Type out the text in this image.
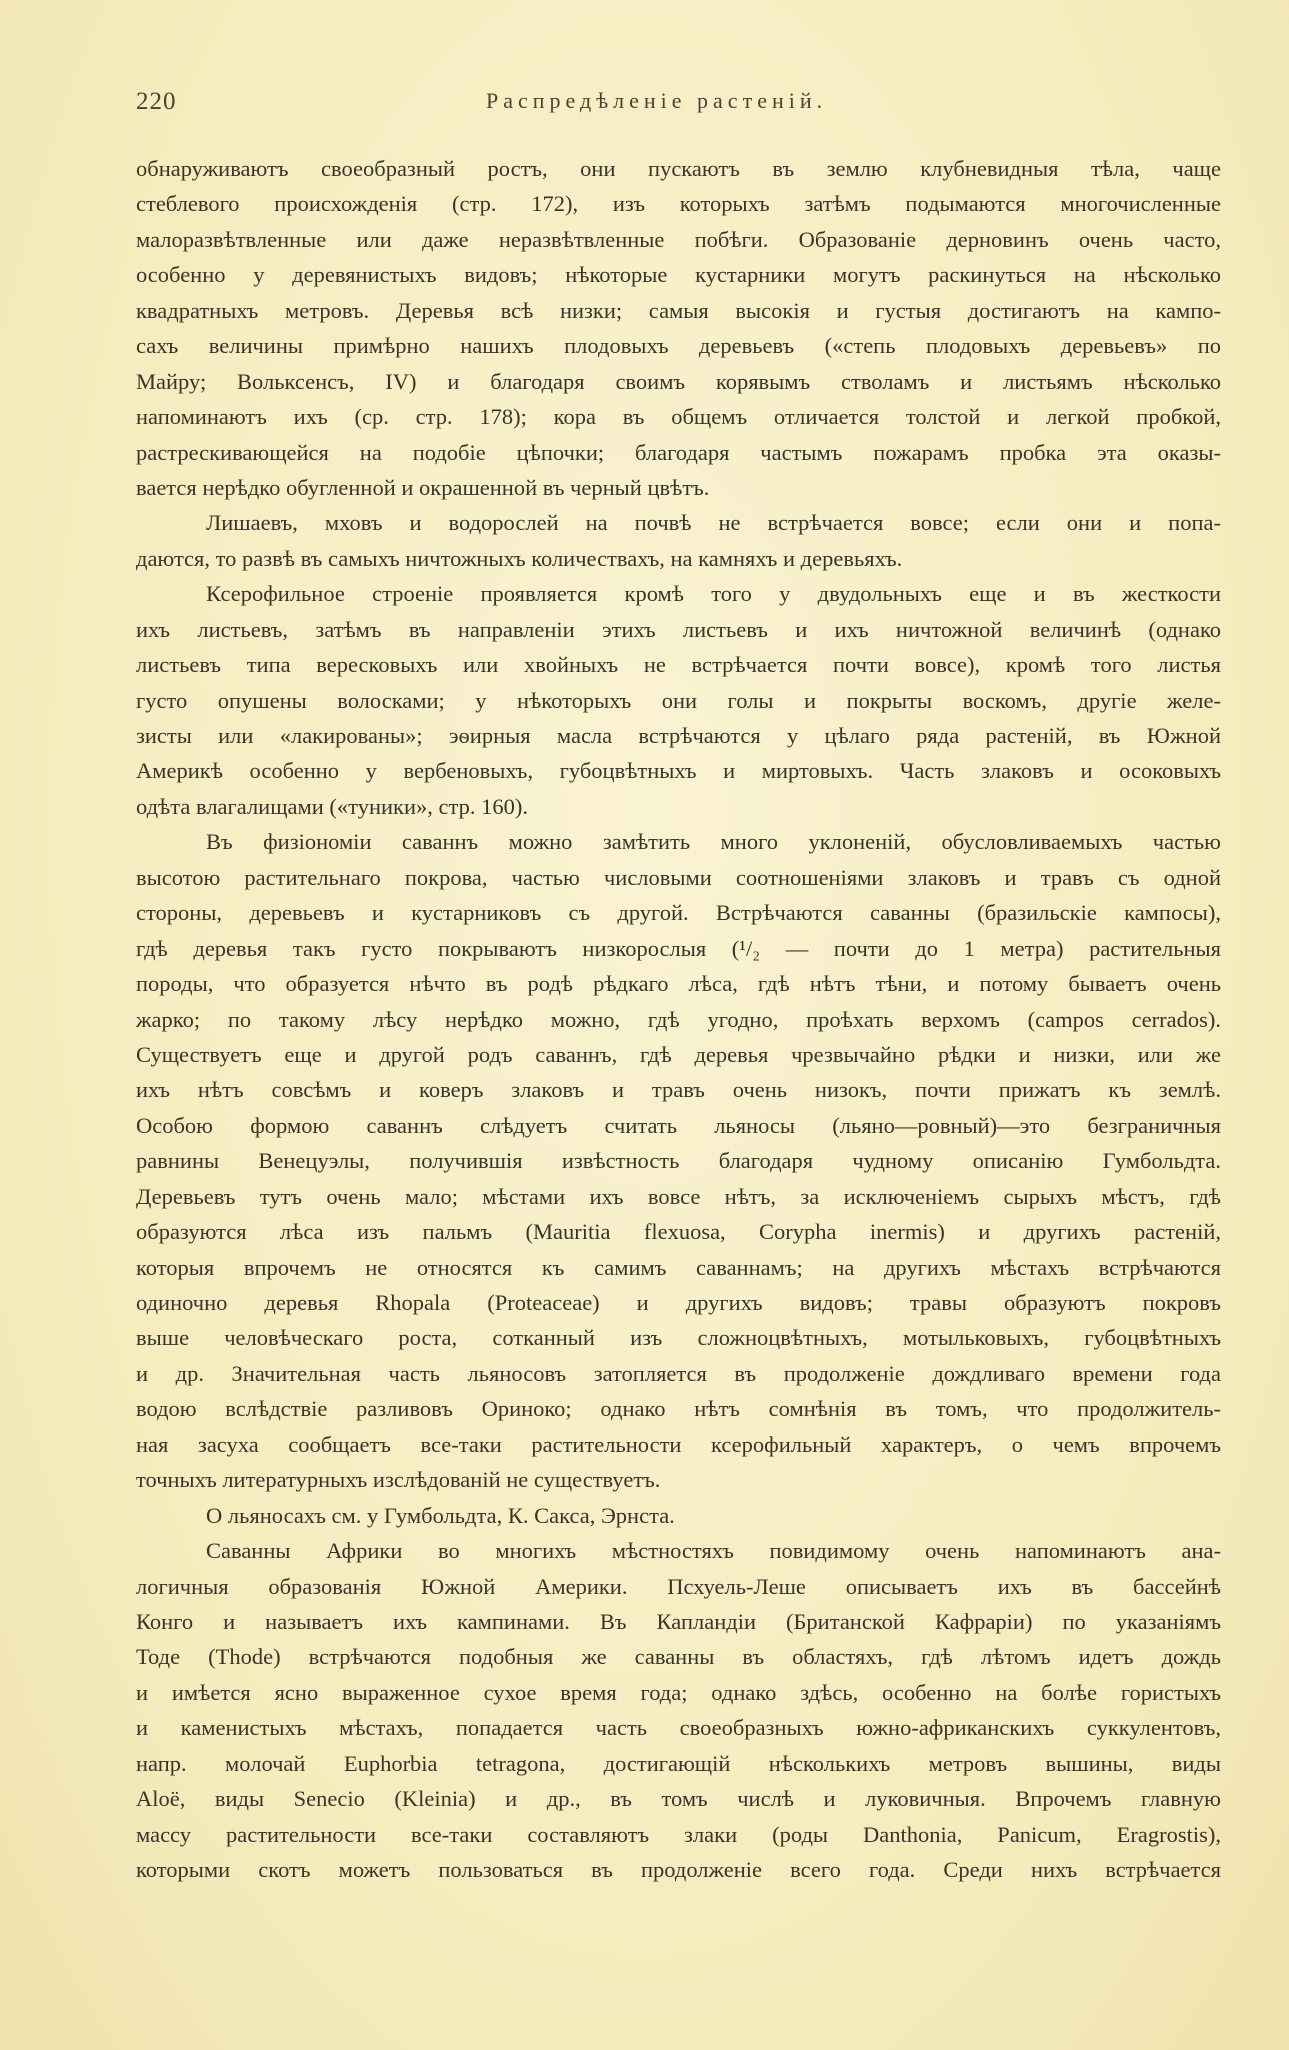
220	Распредѣленіе растеній.
обнаруживаютъ своеобразный ростъ, они пускаютъ въ землю клубневидныя тѣла, чаще
стеблевого происхожденія (стр. 172), изъ которыхъ затѣмъ подымаются многочисленные
малоразвѣтвленные или даже неразвѣтвленные побѣги. Образованіе дерновинъ очень часто,
особенно у деревянистыхъ видовъ; нѣкоторые кустарники могутъ раскинуться на нѣсколько
квадратныхъ метровъ. Деревья всѣ низки; самыя высокія и густыя достигаютъ на кампо-
сахъ величины примѣрно нашихъ плодовыхъ деревьевъ («степь плодовыхъ деревьевъ» по
Майру; Вольксенсъ, IV) и благодаря своимъ корявымъ стволамъ и листьямъ нѣсколько
напоминаютъ ихъ (ср. стр. 178); кора въ общемъ отличается толстой и легкой пробкой,
растрескивающейся на подобіе цѣпочки; благодаря частымъ пожарамъ пробка эта оказы-
вается нерѣдко обугленной и окрашенной въ черный цвѣтъ.
Лишаевъ, мховъ и водорослей на почвѣ не встрѣчается вовсе; если они и попа-
даются, то развѣ въ самыхъ ничтожныхъ количествахъ, на камняхъ и деревьяхъ.
Ксерофильное строеніе проявляется кромѣ того у двудольныхъ еще и въ жесткости
ихъ листьевъ, затѣмъ въ направленіи этихъ листьевъ и ихъ ничтожной величинѣ (однако
листьевъ типа вересковыхъ или хвойныхъ не встрѣчается почти вовсе), кромѣ того листья
густо опушены волосками; у нѣкоторыхъ они голы и покрыты воскомъ, другіе желе-
зисты или «лакированы»; эѳирныя масла встрѣчаются у цѣлаго ряда растеній, въ Южной
Америкѣ особенно у вербеновыхъ, губоцвѣтныхъ и миртовыхъ. Часть злаковъ и осоковыхъ
одѣта влагалищами («туники», стр. 160).
Въ физіономіи саваннъ можно замѣтить много уклоненій, обусловливаемыхъ частью
высотою растительнаго покрова, частью числовыми соотношеніями злаковъ и травъ съ одной
стороны, деревьевъ и кустарниковъ съ другой. Встрѣчаются саванны (бразильскіе кампосы),
гдѣ деревья такъ густо покрываютъ низкорослыя (¹/₂ — почти до 1 метра) растительныя
породы, что образуется нѣчто въ родѣ рѣдкаго лѣса, гдѣ нѣтъ тѣни, и потому бываетъ очень
жарко; по такому лѣсу нерѣдко можно, гдѣ угодно, проѣхать верхомъ (campos cerrados).
Существуетъ еще и другой родъ саваннъ, гдѣ деревья чрезвычайно рѣдки и низки, или же
ихъ нѣтъ совсѣмъ и коверъ злаковъ и травъ очень низокъ, почти прижатъ къ землѣ.
Особою формою саваннъ слѣдуетъ считать льяносы (льяно—ровный)—это безграничныя
равнины Венецуэлы, получившія извѣстность благодаря чудному описанію Гумбольдта.
Деревьевъ тутъ очень мало; мѣстами ихъ вовсе нѣтъ, за исключеніемъ сырыхъ мѣстъ, гдѣ
образуются лѣса изъ пальмъ (Mauritia flexuosa, Coryphа inermis) и другихъ растеній,
которыя впрочемъ не относятся къ самимъ саваннамъ; на другихъ мѣстахъ встрѣчаются
одиночно деревья Rhopala (Proteaceae) и другихъ видовъ; травы образуютъ покровъ
выше человѣческаго роста, сотканный изъ сложноцвѣтныхъ, мотыльковыхъ, губоцвѣтныхъ
и др. Значительная часть льяносовъ затопляется въ продолженіе дождливаго времени года
водою вслѣдствіе разливовъ Ориноко; однако нѣтъ сомнѣнія въ томъ, что продолжитель-
ная засуха сообщаетъ все-таки растительности ксерофильный характеръ, о чемъ впрочемъ
точныхъ литературныхъ изслѣдованій не существуетъ.
О льяносахъ см. у Гумбольдта, К. Сакса, Эрнста.
Саванны Африки во многихъ мѣстностяхъ повидимому очень напоминаютъ ана-
логичныя образованія Южной Америки. Псхуель-Леше описываетъ ихъ въ бассейнѣ
Конго и называетъ ихъ кампинами. Въ Капландіи (Британской Кафраріи) по указаніямъ
Тоде (Thode) встрѣчаются подобныя же саванны въ областяхъ, гдѣ лѣтомъ идетъ дождь
и имѣется ясно выраженное сухое время года; однако здѣсь, особенно на болѣе гористыхъ
и каменистыхъ мѣстахъ, попадается часть своеобразныхъ южно-африканскихъ суккулентовъ,
напр. молочай Euphorbia tetragona, достигающій нѣсколькихъ метровъ вышины, виды
Aloë, виды Senecio (Kleinia) и др., въ томъ числѣ и луковичныя. Впрочемъ главную
массу растительности все-таки составляютъ злаки (роды Danthonia, Panicum, Eragrostis),
которыми скотъ можетъ пользоваться въ продолженіе всего года. Среди нихъ встрѣчается
